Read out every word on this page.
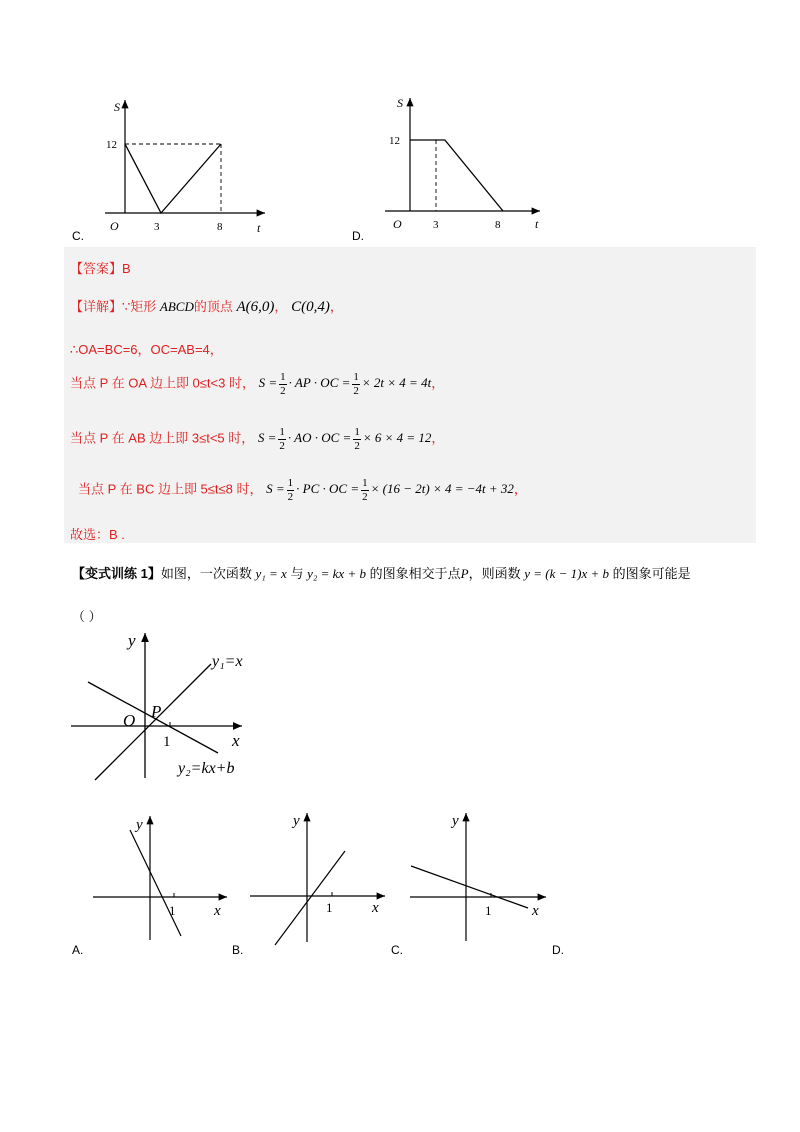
S
t
O
12
3	8
C.
S
t
O
12
3	8
D.
【答案】B
【详解】∵矩形 ABCD的顶点 A(6,0)， C(0,4)，
∴OA=BC=6，OC=AB=4，
当点 P 在 OA 边上即 0≤t<3 时， $S = \frac{1}{2}$ · AP · OC = $\frac{1}{2} \times 2t \times 4 = 4t$，
当点 P 在 AB 边上即 3≤t<5 时， $S = \frac{1}{2}$ · AO · OC = $\frac{1}{2} \times 6 \times 4 = 12$，
当点 P 在 BC 边上即 5≤t≤8 时， $S = \frac{1}{2}$ · PC · OC = $\frac{1}{2} \times (16 - 2t) \times 4 = -4t + 32$，
故选：B .
【变式训练 1】如图，一次函数 y₁ = x 与 y₂ = kx + b 的图象相交于点P，则函数 y = (k − 1)x + b 的图象可能是
（ ）
y
x
O P
1
y₁=x
y₂=kx+b
y
x
1
A.
y
x
1
B.
y
x
1
C.	D.
